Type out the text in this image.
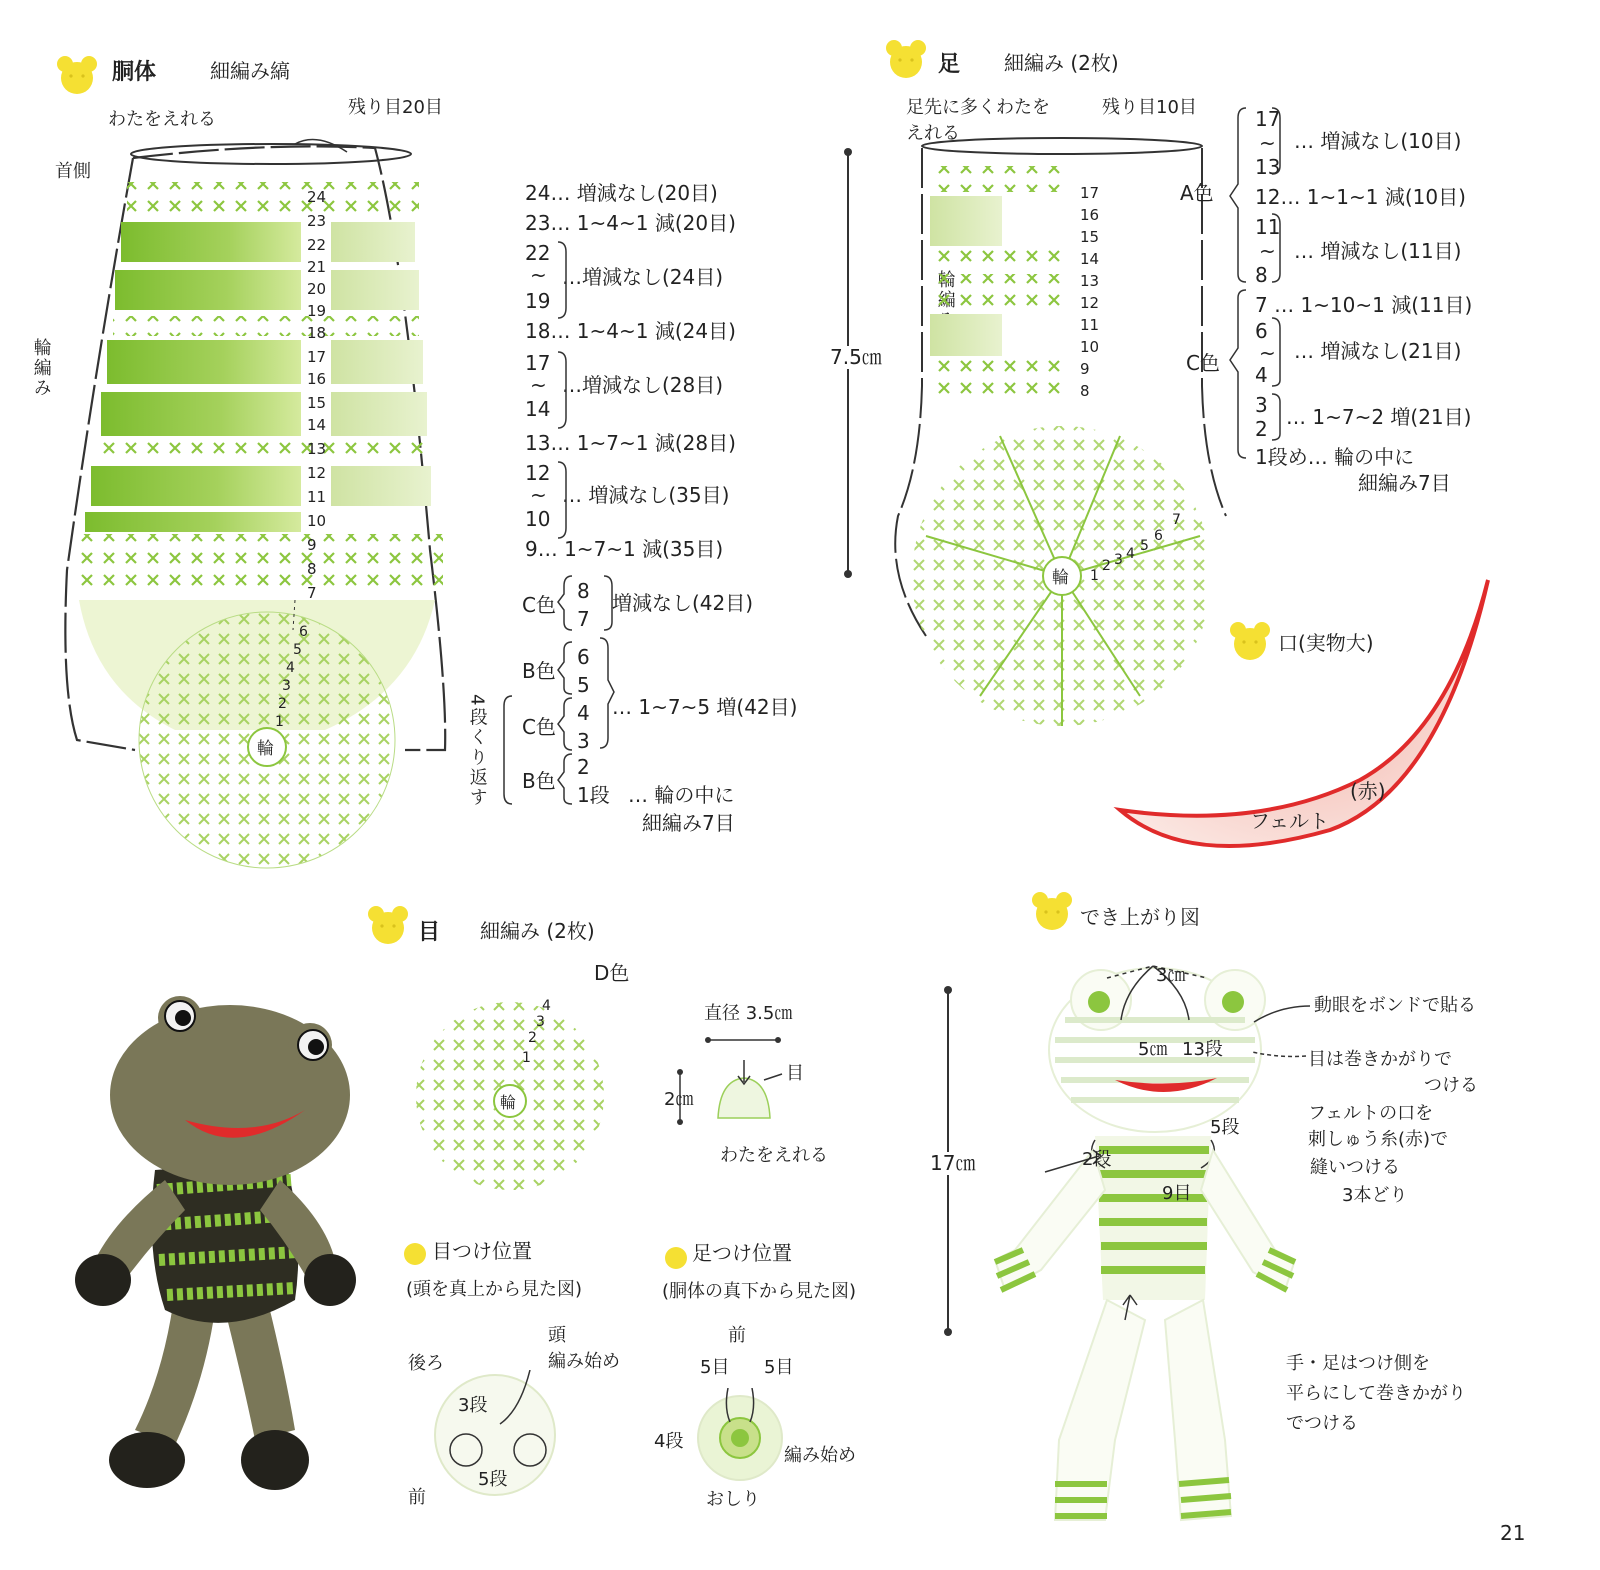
胴体	細編み縞
わたをえれる
残り目20目
首側
輪編み
24
23
22
21
20
19
18
17
16
15
14
13
12
11
10
9
8
7
輪
6
5
4
3
2
1
24… 増減なし(20目)
23… 1~4~1 減(20目)
22
~
19
…増減なし(24目)
18… 1~4~1 減(24目)
17
~
14
…増減なし(28目)
13… 1~7~1 減(28目)
12
~
10
… 増減なし(35目)
9… 1~7~1 減(35目)
C色
8
7
増減なし(42目)
B色
6
5
C色
4
3
B色
2
1段
… 1~7~5 増(42目)
… 輪の中に
細編み7目
4段くり返す
7.5㎝
足 細編み (2枚)
足先に多くわたを
えれる
残り目10目
17
16
15
14
13
12
11
10
9
8
輪 1
2 3 4 5
6
7
A色
C色
17
~
13
… 増減なし(10目)
12… 1~1~1 減(10目)
11
~
8
… 増減なし(11目)
7 … 1~10~1 減(11目)
6
~
4
… 増減なし(21目)
3
2 … 1~7~2 増(21目)
1段め… 輪の中に
細編み7目
口(実物大)
(赤)
フェルト
目 細編み (2枚)
D色
輪
4
3
2
1
直径 3.5㎝
2㎝
目
わたをえれる
目つけ位置
(頭を真上から見た図)
後ろ
前
頭
編み始め
3段
5段
足つけ位置
(胴体の真下から見た図)
前
5目 5目
4段
編み始め
おしり
でき上がり図
17㎝
3㎝
5㎝ 13段
5段
2段
9目
動眼をボンドで貼る
目は巻きかがりで
つける
フェルトの口を
刺しゅう糸(赤)で
縫いつける
3本どり
手・足はつけ側を
平らにして巻きかがり
でつける
21
